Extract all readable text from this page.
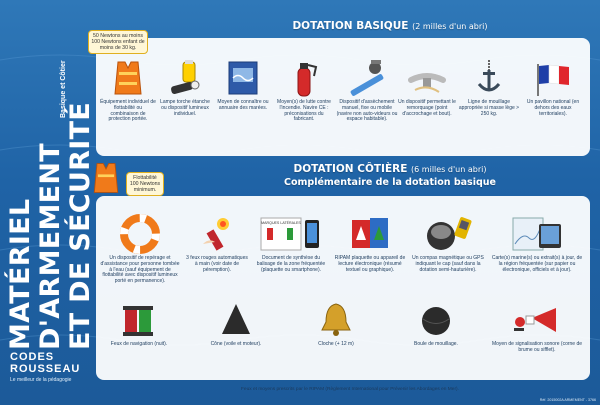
MATÉRIEL D'ARMEMENT ET DE SÉCURITÉ
Basique et Côtier
CODES
ROUSSEAU
Le meilleur de la pédagogie
DOTATION BASIQUE (2 milles d'un abri)
50 Newtons au moins 100 Newtons enfant de moins de 30 kg.
Équipement individuel de flottabilité ou combinaison de protection portée.
Lampe torche étanche ou dispositif lumineux individuel.
Moyen de connaître ou annuaire des marées.
Moyen(s) de lutte contre l'incendie. Navire CE : préconisations du fabricant.
Dispositif d'assèchement manuel, fixe ou mobile (navire non auto-videurs ou espace habitable).
Un dispositif permettant le remorquage (point d'accrochage et bout).
Ligne de mouillage appropriée si masse lège > 250 kg.
Un pavillon national (en dehors des eaux territoriales).
DOTATION CÔTIÈRE (6 milles d'un abri)
Complémentaire de la dotation basique
Flottabilité 100 Newtons minimum.
Un dispositif de repérage et d'assistance pour personne tombée à l'eau (sauf équipement de flottabilité avec dispositif lumineux porté en permanence).
3 feux rouges automatiques à main (voir date de péremption).
MARQUES LATÉRALES
Document de synthèse du balisage de la zone fréquentée (plaquette ou smartphone).
RIPAM plaquette ou appareil de lecture électronique (résumé textuel ou graphique).
Un compas magnétique ou GPS indiquant le cap (sauf dans la dotation semi-hauturière).
Carte(s) marine(s) ou extrait(s) à jour, de la région fréquentée (sur papier ou électronique, officiels et à jour).
Feux de navigation (nuit).	Cône (voile et moteur).	Cloche (+ 12 m)	Boule de mouillage.	Moyen de signalisation sonore (corne de brume ou sifflet).
Feux et moyens prescrits par le RIPAM (Règlement International pour Prévenir les Abordages en Mer).
Réf. 2015002A ARMEMENT - 3766
